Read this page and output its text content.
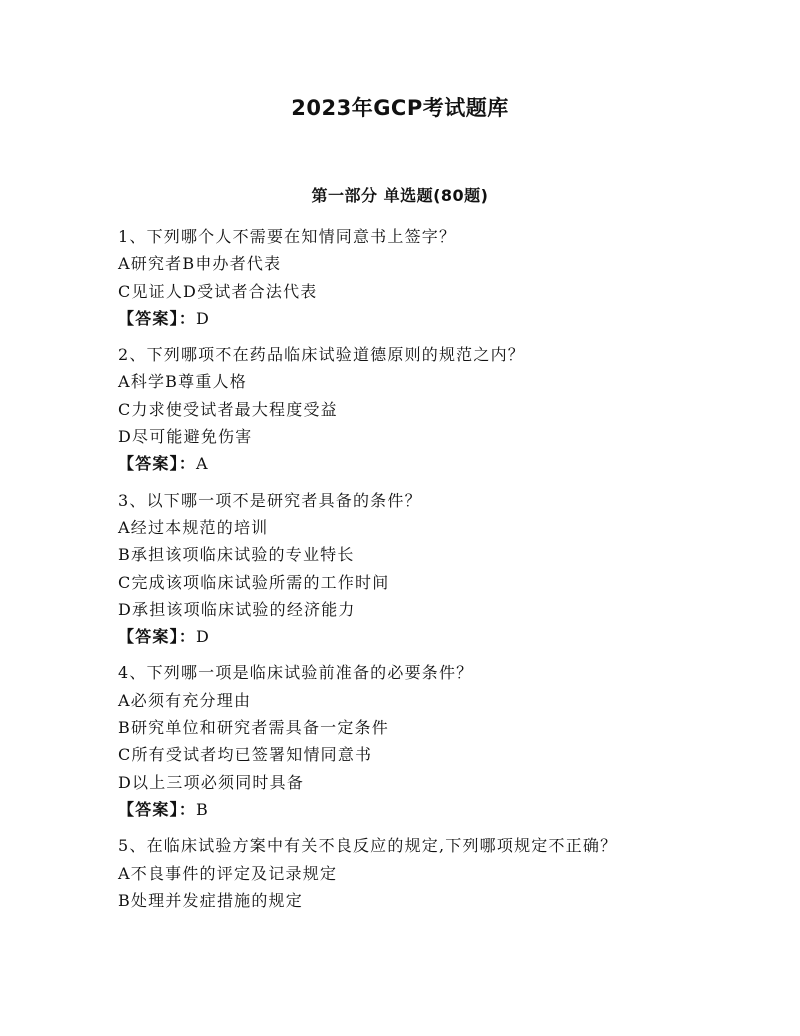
2023年GCP考试题库
第一部分 单选题(80题)
1、下列哪个人不需要在知情同意书上签字？
A研究者B申办者代表
C见证人D受试者合法代表
【答案】：D
2、下列哪项不在药品临床试验道德原则的规范之内？
A科学B尊重人格
C力求使受试者最大程度受益
D尽可能避免伤害
【答案】：A
3、以下哪一项不是研究者具备的条件？
A经过本规范的培训
B承担该项临床试验的专业特长
C完成该项临床试验所需的工作时间
D承担该项临床试验的经济能力
【答案】：D
4、下列哪一项是临床试验前准备的必要条件？
A必须有充分理由
B研究单位和研究者需具备一定条件
C所有受试者均已签署知情同意书
D以上三项必须同时具备
【答案】：B
5、在临床试验方案中有关不良反应的规定,下列哪项规定不正确？
A不良事件的评定及记录规定
B处理并发症措施的规定
